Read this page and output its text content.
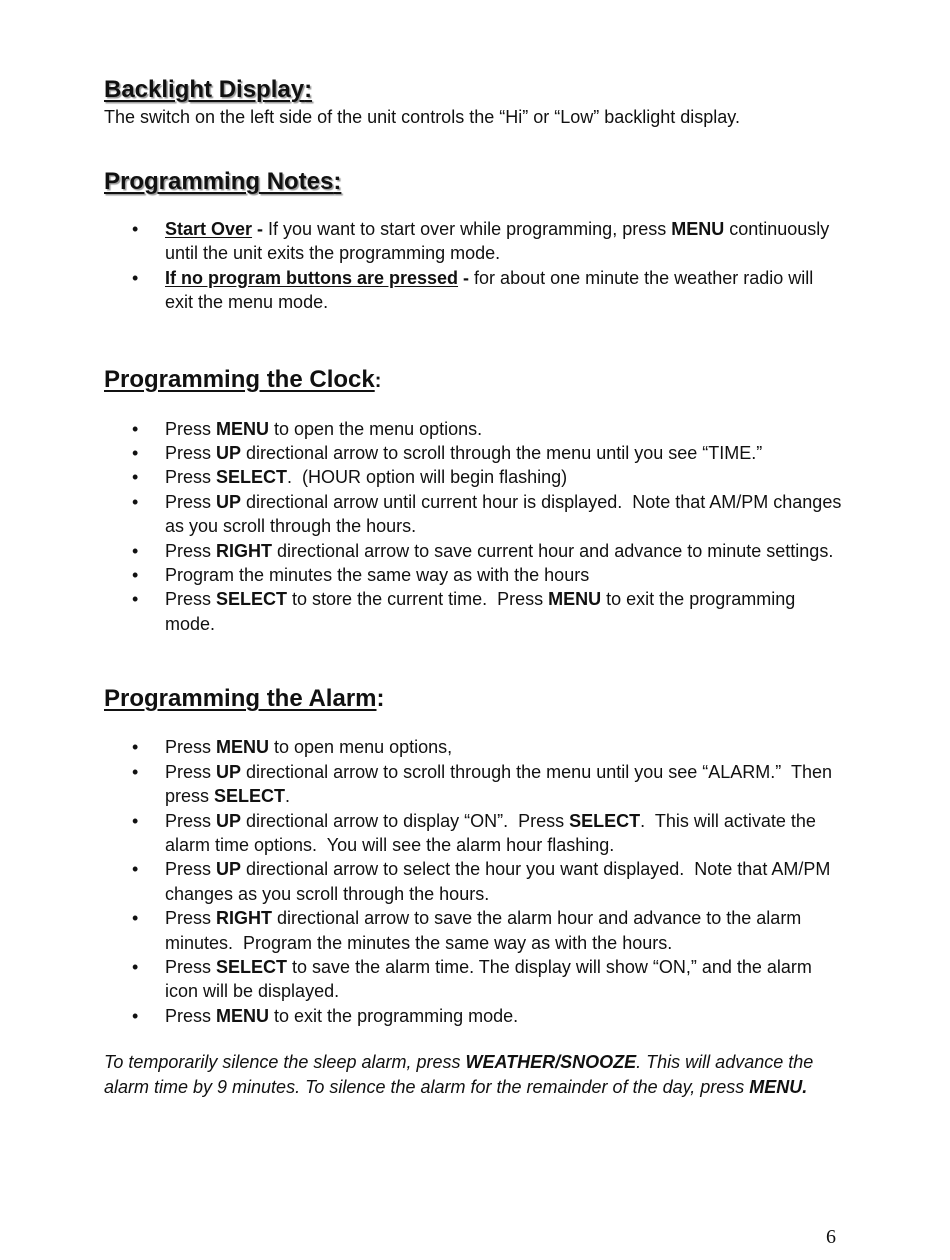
Backlight Display:

The switch on the left side of the unit controls the “Hi” or “Low” backlight display.

Programming Notes:
• Start Over - If you want to start over while programming, press MENU continuously until the unit exits the programming mode.
• If no program buttons are pressed - for about one minute the weather radio will exit the menu mode.
Programming the Clock:
• Press MENU to open the menu options.
• Press UP directional arrow to scroll through the menu until you see “TIME.”
• Press SELECT.  (HOUR option will begin flashing)
• Press UP directional arrow until current hour is displayed.  Note that AM/PM changes as you scroll through the hours.
• Press RIGHT directional arrow to save current hour and advance to minute settings.
• Program the minutes the same way as with the hours
• Press SELECT to store the current time.  Press MENU to exit the programming mode.
Programming the Alarm:
• Press MENU to open menu options,
• Press UP directional arrow to scroll through the menu until you see “ALARM.”  Then press SELECT.
• Press UP directional arrow to display “ON”.  Press SELECT.  This will activate the alarm time options.  You will see the alarm hour flashing.
• Press UP directional arrow to select the hour you want displayed.  Note that AM/PM changes as you scroll through the hours.
• Press RIGHT directional arrow to save the alarm hour and advance to the alarm minutes.  Program the minutes the same way as with the hours.
• Press SELECT to save the alarm time. The display will show “ON,” and the alarm icon will be displayed.
• Press MENU to exit the programming mode.

To temporarily silence the sleep alarm, press WEATHER/SNOOZE. This will advance the alarm time by 9 minutes. To silence the alarm for the remainder of the day, press MENU.

6
